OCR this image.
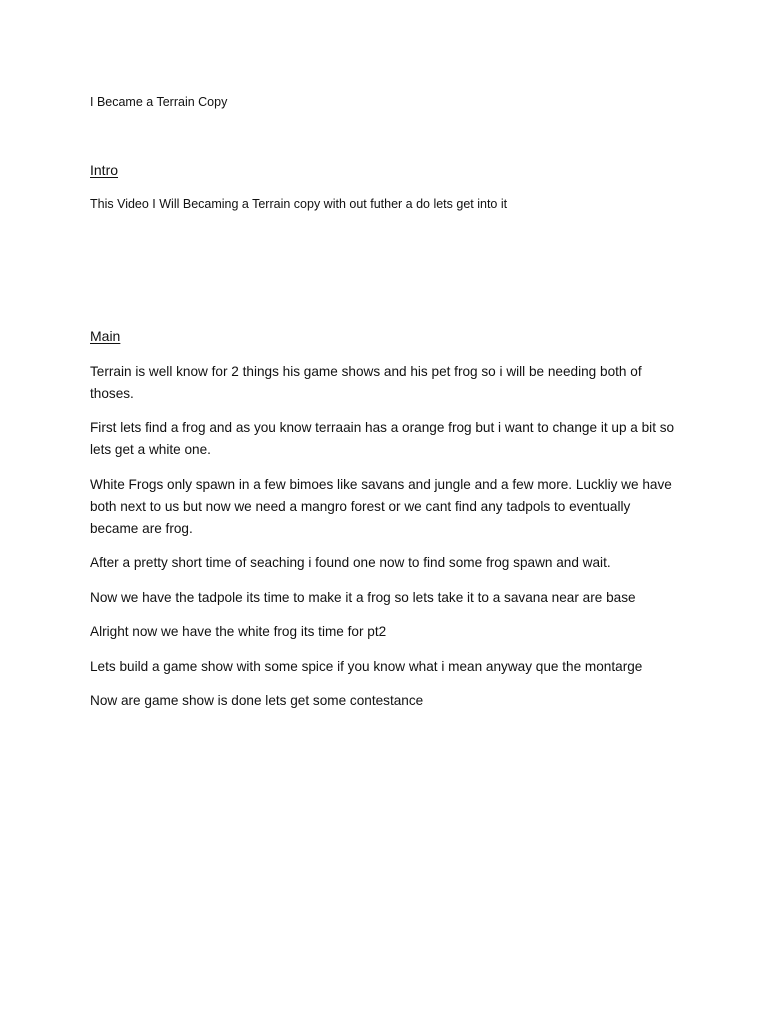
I Became a Terrain Copy

Intro

This Video I Will Becaming a Terrain copy with out futher a do lets get into it

Main

Terrain is well know for 2 things his game shows and his pet frog so i will be needing both of thoses.

First lets find a frog and as you know terraain has a orange frog but i want to change it up a bit so lets get a white one.

White Frogs only spawn in a few bimoes like savans and jungle and a few more. Luckliy we have both next to us but now we need a mangro forest or we cant find any tadpols to eventually became are frog.

After a pretty short time of seaching i found one now to find some frog spawn and wait.

Now we have the tadpole its time to make it a frog so lets take it to a savana near are base

Alright now we have the white frog its time for pt2

Lets build a game show with some spice if you know what i mean anyway que the montarge

Now are game show is done lets get some contestance
